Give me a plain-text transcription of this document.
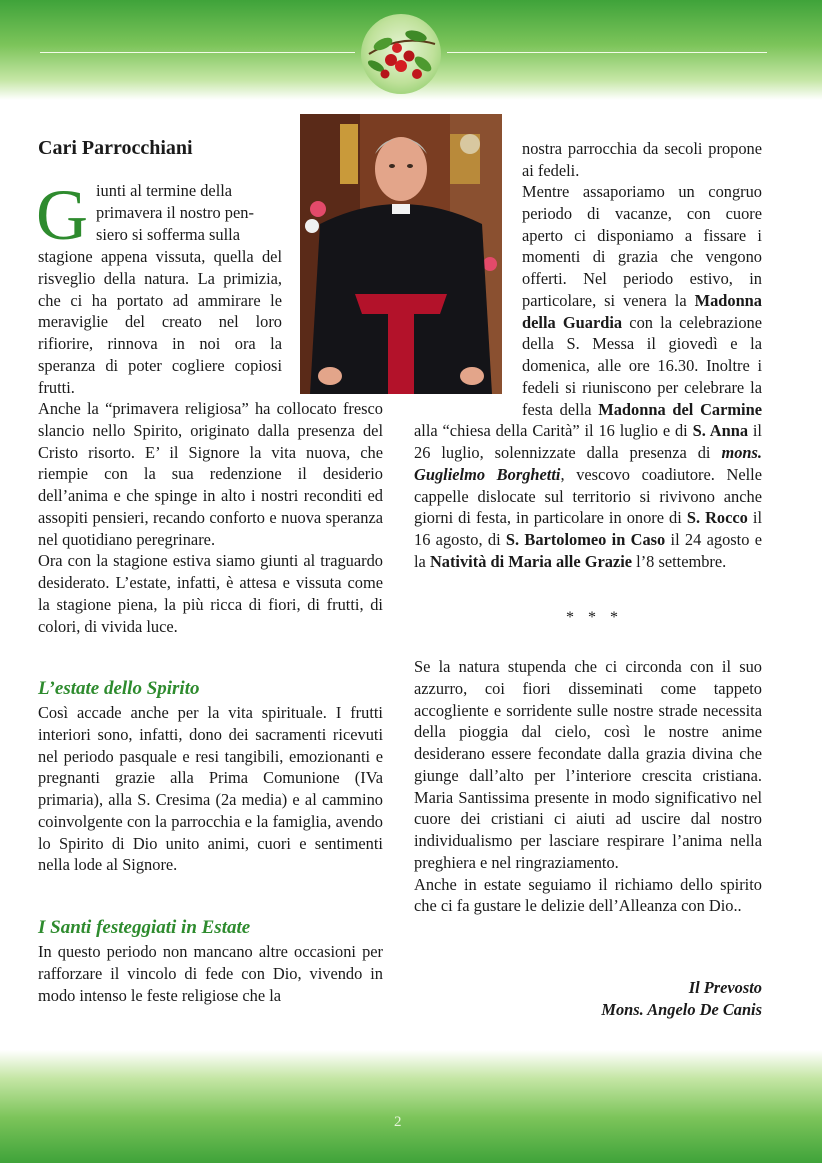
Cari Parrocchiani
G iunti al termine della
primavera il nostro pen-
siero si sofferma sulla

stagione appena vissuta, quella del risveglio della natura. La primizia, che ci ha portato ad ammirare le meraviglie del creato nel loro rifiorire, rinnova in noi ora la speranza di poter cogliere copiosi frutti.

Anche la “primavera religiosa” ha collocato fresco slancio nello Spirito, originato dalla presenza del Cristo risorto. E’ il Signore la vita nuova, che riempie con la sua redenzione il desiderio dell’anima e che spinge in alto i nostri reconditi ed assopiti pensieri, recando conforto e nuova speranza nel quotidiano peregrinare.

Ora con la stagione estiva siamo giunti al traguardo desiderato. L’estate, infatti, è attesa e vissuta come la stagione piena, la più ricca di fiori, di frutti, di colori, di vivida luce.

L’estate dello Spirito

Così accade anche per la vita spirituale. I frutti interiori sono, infatti, dono dei sacramenti ricevuti nel periodo pasquale e resi tangibili, emozionanti e pregnanti grazie alla Prima Comunione (IVa primaria), alla S. Cresima (2a media) e al cammino coinvolgente con la parrocchia e la famiglia, avendo lo Spirito di Dio unito animi, cuori e sentimenti nella lode al Signore.

I Santi festeggiati in Estate

In questo periodo non mancano altre occasioni per rafforzare il vincolo di fede con Dio, vivendo in modo intenso le feste religiose che la

nostra parrocchia da secoli propone ai fedeli.

Mentre assaporiamo un congruo periodo di vacanze, con cuore aperto ci disponiamo a fissare i momenti di grazia che vengono offerti. Nel periodo estivo, in particolare, si venera la Madonna della Guardia con la celebrazione della S. Messa il giovedì e la domenica, alle ore 16.30. Inoltre i fedeli si riuniscono per celebrare la festa della Madonna del Carmine alla “chiesa della Carità” il 16 luglio e di S. Anna il 26 luglio, solennizzate dalla presenza di mons. Guglielmo Borghetti, vescovo coadiutore. Nelle cappelle dislocate sul territorio si rivivono anche giorni di festa, in particolare in onore di S. Rocco il 16 agosto, di S. Bartolomeo in Caso il 24 agosto e la Natività di Maria alle Grazie l’8 settembre.

* * *

Se la natura stupenda che ci circonda con il suo azzurro, coi fiori disseminati come tappeto accogliente e sorridente sulle nostre strade necessita della pioggia dal cielo, così le nostre anime desiderano essere fecondate dalla grazia divina che giunge dall’alto per l’interiore crescita cristiana. Maria Santissima presente in modo significativo nel cuore dei cristiani ci aiuti ad uscire dal nostro individualismo per lasciare respirare l’anima nella preghiera e nel ringraziamento.

Anche in estate seguiamo il richiamo dello spirito che ci fa gustare le delizie dell’Alleanza con Dio..

Il Prevosto
Mons. Angelo De Canis
2
